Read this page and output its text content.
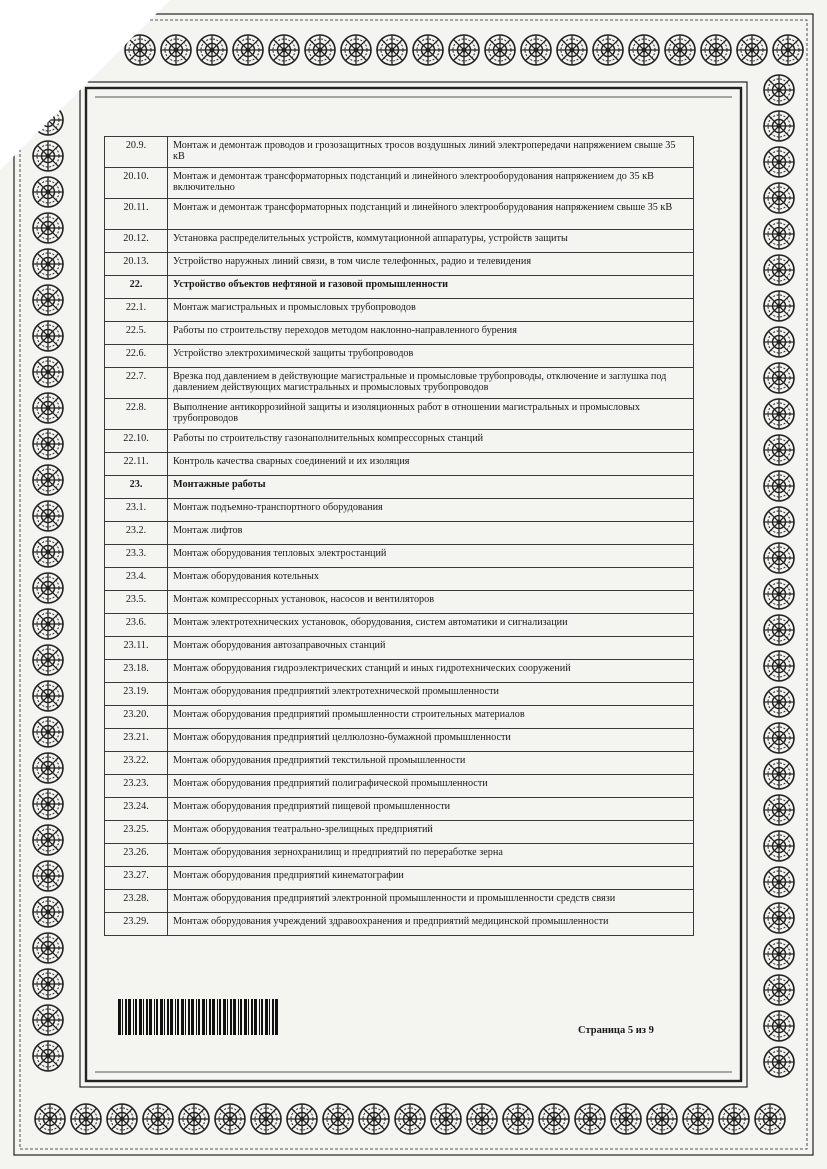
20.9.	Монтаж и демонтаж проводов и грозозащитных тросов воздушных линий электропередачи напряжением свыше 35 кВ
20.10.	Монтаж и демонтаж трансформаторных подстанций и линейного электрооборудования напряжением до 35 кВ включительно
20.11.	Монтаж и демонтаж трансформаторных подстанций и линейного электрооборудования напряжением свыше 35 кВ
20.12.	Установка распределительных устройств, коммутационной аппаратуры, устройств защиты
20.13.	Устройство наружных линий связи, в том числе телефонных, радио и телевидения
22.	Устройство объектов нефтяной и газовой промышленности
22.1.	Монтаж магистральных и промысловых трубопроводов
22.5.	Работы по строительству переходов методом наклонно-направленного бурения
22.6.	Устройство электрохимической защиты трубопроводов
22.7.	Врезка под давлением в действующие магистральные и промысловые трубопроводы, отключение и заглушка под давлением действующих магистральных и промысловых трубопроводов
22.8.	Выполнение антикоррозийной защиты и изоляционных работ в отношении магистральных и промысловых трубопроводов
22.10.	Работы по строительству газонаполнительных компрессорных станций
22.11.	Контроль качества сварных соединений и их изоляция
23.	Монтажные работы
23.1.	Монтаж подъемно-транспортного оборудования
23.2.	Монтаж лифтов
23.3.	Монтаж оборудования тепловых электростанций
23.4.	Монтаж оборудования котельных
23.5.	Монтаж компрессорных установок, насосов и вентиляторов
23.6.	Монтаж электротехнических установок, оборудования, систем автоматики и сигнализации
23.11.	Монтаж оборудования автозаправочных станций
23.18.	Монтаж оборудования гидроэлектрических станций и иных гидротехнических сооружений
23.19.	Монтаж оборудования предприятий электротехнической промышленности
23.20.	Монтаж оборудования предприятий промышленности строительных материалов
23.21.	Монтаж оборудования предприятий целлюлозно-бумажной промышленности
23.22.	Монтаж оборудования предприятий текстильной промышленности
23.23.	Монтаж оборудования предприятий полиграфической промышленности
23.24.	Монтаж оборудования предприятий пищевой промышленности
23.25.	Монтаж оборудования театрально-зрелищных предприятий
23.26.	Монтаж оборудования зернохранилищ и предприятий по переработке зерна
23.27.	Монтаж оборудования предприятий кинематографии
23.28.	Монтаж оборудования предприятий электронной промышленности и промышленности средств связи
23.29.	Монтаж оборудования учреждений здравоохранения и предприятий медицинской промышленности
Страница 5 из 9
